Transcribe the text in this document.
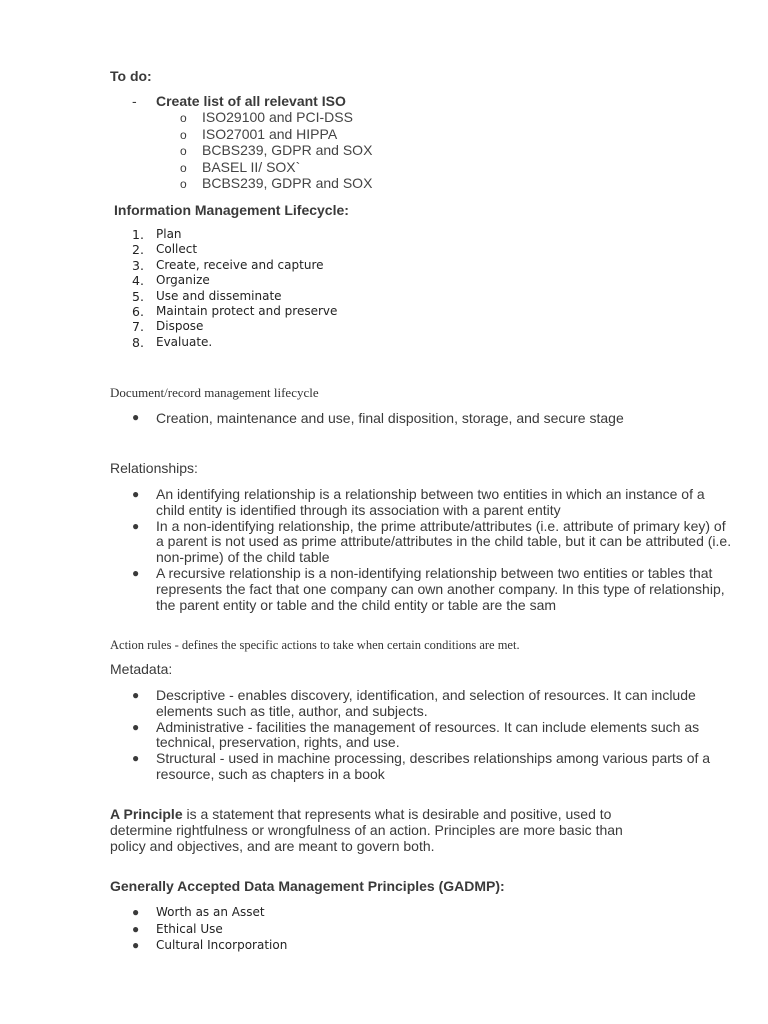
To do:
- Create list of all relevant ISO
o ISO29100 and PCI-DSS
o ISO27001 and HIPPA
o BCBS239, GDPR and SOX
o BASEL II/ SOX`
o BCBS239, GDPR and SOX
Information Management Lifecycle:
1. Plan
2. Collect
3. Create, receive and capture
4. Organize
5. Use and disseminate
6. Maintain protect and preserve
7. Dispose
8. Evaluate.
Document/record management lifecycle
● Creation, maintenance and use, final disposition, storage, and secure stage
Relationships:
● An identifying relationship is a relationship between two entities in which an instance of a child entity is identified through its association with a parent entity
● In a non-identifying relationship, the prime attribute/attributes (i.e. attribute of primary key) of a parent is not used as prime attribute/attributes in the child table, but it can be attributed (i.e. non-prime) of the child table
● A recursive relationship is a non-identifying relationship between two entities or tables that represents the fact that one company can own another company. In this type of relationship, the parent entity or table and the child entity or table are the sam
Action rules - defines the specific actions to take when certain conditions are met.
Metadata:
● Descriptive - enables discovery, identification, and selection of resources. It can include elements such as title, author, and subjects.
● Administrative - facilities the management of resources. It can include elements such as technical, preservation, rights, and use.
● Structural - used in machine processing, describes relationships among various parts of a resource, such as chapters in a book
A Principle is a statement that represents what is desirable and positive, used to determine rightfulness or wrongfulness of an action. Principles are more basic than policy and objectives, and are meant to govern both.
Generally Accepted Data Management Principles (GADMP):
● Worth as an Asset
● Ethical Use
● Cultural Incorporation
